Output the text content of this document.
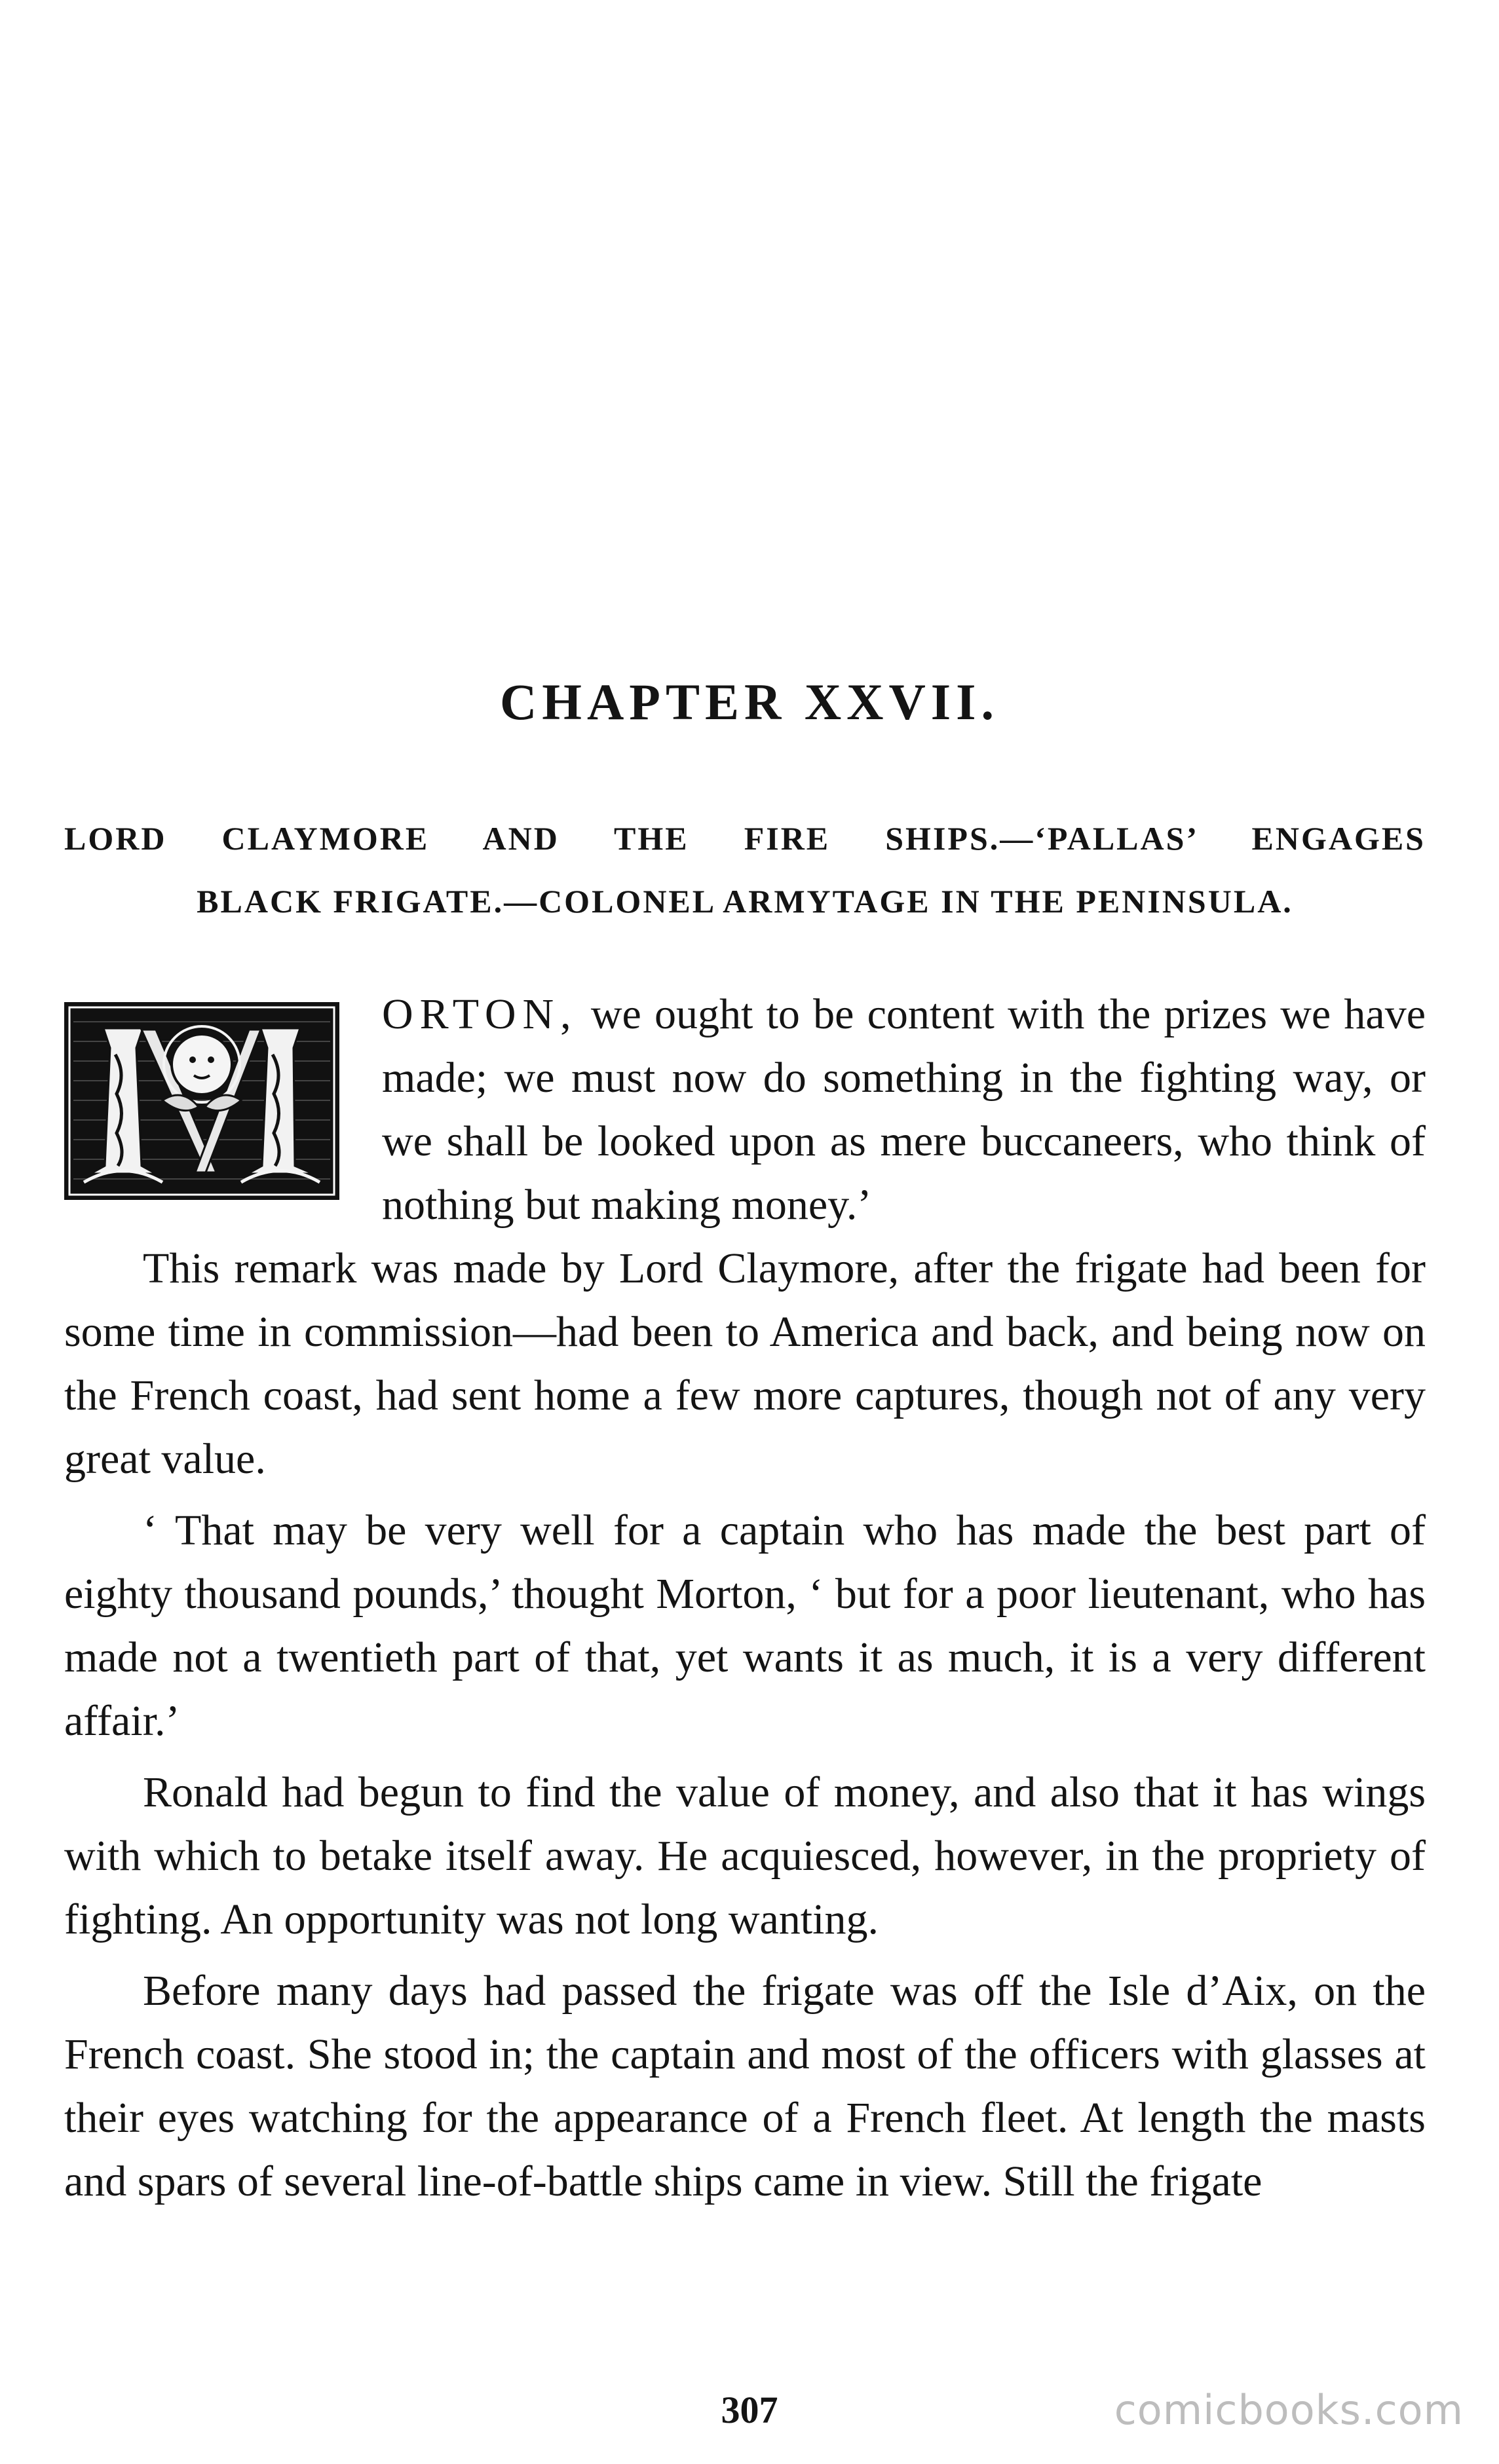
CHAPTER XXVII.
LORD CLAYMORE AND THE FIRE SHIPS.—‘PALLAS’ ENGAGES
BLACK FRIGATE.—COLONEL ARMYTAGE IN THE PENINSULA.

ORTON, we ought to be content with the prizes we have made; we must now do something in the fighting way, or we shall be looked upon as mere buccaneers, who think of nothing but making money.’

This remark was made by Lord Claymore, after the frigate had been for some time in commission—had been to America and back, and being now on the French coast, had sent home a few more captures, though not of any very great value.

‘ That may be very well for a captain who has made the best part of eighty thousand pounds,’ thought Morton, ‘ but for a poor lieutenant, who has made not a twentieth part of that, yet wants it as much, it is a very different affair.’

Ronald had begun to find the value of money, and also that it has wings with which to betake itself away. He acquiesced, however, in the propriety of fighting. An opportunity was not long wanting.

Before many days had passed the frigate was off the Isle d’Aix, on the French coast. She stood in; the captain and most of the officers with glasses at their eyes watching for the appearance of a French fleet. At length the masts and spars of several line-of-battle ships came in view. Still the frigate

307	comicbooks.com
